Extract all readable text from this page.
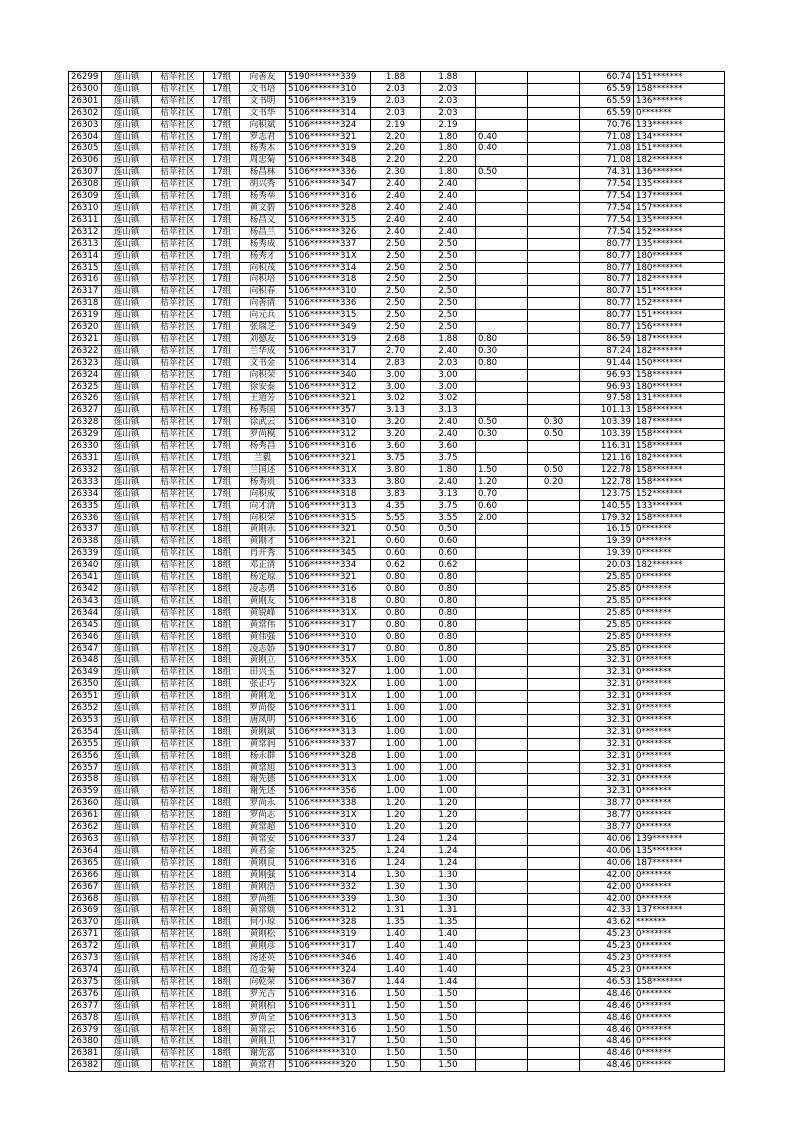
26299	莲山镇	桔苹社区	17组	向善友	5190*******339	1.88	1.88			60.74	151*******
26300	莲山镇	桔苹社区	17组	文书培	5106*******310	2.03	2.03			65.59	158*******
26301	莲山镇	桔苹社区	17组	文书明	5106*******319	2.03	2.03			65.59	136*******
26302	莲山镇	桔苹社区	17组	文书华	5106*******314	2.03	2.03			65.59	0*******
26303	莲山镇	桔苹社区	17组	向积斌	5106*******324	2.19	2.19			70.76	133*******
26304	莲山镇	桔苹社区	17组	罗志君	5106*******321	2.20	1.80	0.40		71.08	134*******
26305	莲山镇	桔苹社区	17组	杨秀木	5106*******319	2.20	1.80	0.40		71.08	151*******
26306	莲山镇	桔苹社区	17组	周忠菊	5106*******348	2.20	2.20			71.08	182*******
26307	莲山镇	桔苹社区	17组	杨昌林	5106*******336	2.30	1.80	0.50		74.31	136*******
26308	莲山镇	桔苹社区	17组	胡兴秀	5106*******347	2.40	2.40			77.54	135*******
26309	莲山镇	桔苹社区	17组	杨秀举	5106*******316	2.40	2.40			77.54	137*******
26310	莲山镇	桔苹社区	17组	黄文碧	5106*******328	2.40	2.40			77.54	157*******
26311	莲山镇	桔苹社区	17组	杨昌义	5106*******315	2.40	2.40			77.54	135*******
26312	莲山镇	桔苹社区	17组	杨昌兰	5106*******326	2.40	2.40			77.54	152*******
26313	莲山镇	桔苹社区	17组	杨秀成	5106*******337	2.50	2.50			80.77	135*******
26314	莲山镇	桔苹社区	17组	杨秀才	5106*******31X	2.50	2.50			80.77	180*******
26315	莲山镇	桔苹社区	17组	向积茂	5106*******314	2.50	2.50			80.77	180*******
26316	莲山镇	桔苹社区	17组	向积培	5106*******318	2.50	2.50			80.77	182*******
26317	莲山镇	桔苹社区	17组	向积春	5106*******310	2.50	2.50			80.77	151*******
26318	莲山镇	桔苹社区	17组	向善清	5106*******336	2.50	2.50			80.77	152*******
26319	莲山镇	桔苹社区	17组	向元兵	5106*******315	2.50	2.50			80.77	151*******
26320	莲山镇	桔苹社区	17组	张瑞芝	5106*******349	2.50	2.50			80.77	156*******
26321	莲山镇	桔苹社区	17组	刘德友	5106*******319	2.68	1.88	0.80		86.59	187*******
26322	莲山镇	桔苹社区	17组	兰华成	5106*******317	2.70	2.40	0.30		87.24	182*******
26323	莲山镇	桔苹社区	17组	文书金	5106*******314	2.83	2.03	0.80		91.44	150*******
26324	莲山镇	桔苹社区	17组	向积荣	5106*******340	3.00	3.00			96.93	158*******
26325	莲山镇	桔苹社区	17组	徐安泰	5106*******312	3.00	3.00			96.93	180*******
26326	莲山镇	桔苹社区	17组	王道芳	5106*******321	3.02	3.02			97.58	131*******
26327	莲山镇	桔苹社区	17组	杨秀国	5106*******357	3.13	3.13			101.13	158*******
26328	莲山镇	桔苹社区	17组	徐武云	5106*******310	3.20	2.40	0.50	0.30	103.39	187*******
26329	莲山镇	桔苹社区	17组	罗尚模	5106*******312	3.20	2.40	0.30	0.50	103.39	158*******
26330	莲山镇	桔苹社区	17组	杨秀昌	5106*******316	3.60	3.60			116.31	158*******
26331	莲山镇	桔苹社区	17组	兰毅	5106*******321	3.75	3.75			121.16	182*******
26332	莲山镇	桔苹社区	17组	兰国述	5106*******31X	3.80	1.80	1.50	0.50	122.78	158*******
26333	莲山镇	桔苹社区	17组	杨秀贵	5106*******333	3.80	2.40	1.20	0.20	122.78	158*******
26334	莲山镇	桔苹社区	17组	向积成	5106*******318	3.83	3.13	0.70		123.75	152*******
26335	莲山镇	桔苹社区	17组	向才清	5106*******313	4.35	3.75	0.60		140.55	133*******
26336	莲山镇	桔苹社区	17组	向积荣	5106*******315	5.55	3.55	2.00		179.32	158*******
26337	莲山镇	桔苹社区	18组	黄刚永	5106*******321	0.50	0.50			16.15	0*******
26338	莲山镇	桔苹社区	18组	黄刚才	5106*******321	0.60	0.60			19.39	0*******
26339	莲山镇	桔苹社区	18组	肖开秀	5106*******345	0.60	0.60			19.39	0*******
26340	莲山镇	桔苹社区	18组	邓正清	5106*******334	0.62	0.62			20.03	182*******
26341	莲山镇	桔苹社区	18组	杨定琼	5106*******321	0.80	0.80			25.85	0*******
26342	莲山镇	桔苹社区	18组	凌志勇	5106*******316	0.80	0.80			25.85	0*******
26343	莲山镇	桔苹社区	18组	黄刚友	5106*******318	0.80	0.80			25.85	0*******
26344	莲山镇	桔苹社区	18组	黄锐峰	5106*******31X	0.80	0.80			25.85	0*******
26345	莲山镇	桔苹社区	18组	黄常伟	5106*******317	0.80	0.80			25.85	0*******
26346	莲山镇	桔苹社区	18组	黄伟强	5106*******310	0.80	0.80			25.85	0*******
26347	莲山镇	桔苹社区	18组	凌志娇	5190*******317	0.80	0.80			25.85	0*******
26348	莲山镇	桔苹社区	18组	黄刚立	5106*******35X	1.00	1.00			32.31	0*******
26349	莲山镇	桔苹社区	18组	田兴玉	5106*******327	1.00	1.00			32.31	0*******
26350	莲山镇	桔苹社区	18组	张正巧	5106*******32X	1.00	1.00			32.31	0*******
26351	莲山镇	桔苹社区	18组	黄刚龙	5106*******31X	1.00	1.00			32.31	0*******
26352	莲山镇	桔苹社区	18组	罗尚俊	5106*******311	1.00	1.00			32.31	0*******
26353	莲山镇	桔苹社区	18组	唐凤明	5106*******316	1.00	1.00			32.31	0*******
26354	莲山镇	桔苹社区	18组	黄刚斌	5106*******313	1.00	1.00			32.31	0*******
26355	莲山镇	桔苹社区	18组	黄常润	5106*******337	1.00	1.00			32.31	0*******
26356	莲山镇	桔苹社区	18组	杨永群	5106*******328	1.00	1.00			32.31	0*******
26357	莲山镇	桔苹社区	18组	黄常旭	5106*******313	1.00	1.00			32.31	0*******
26358	莲山镇	桔苹社区	18组	谢先德	5106*******31X	1.00	1.00			32.31	0*******
26359	莲山镇	桔苹社区	18组	谢先述	5106*******356	1.00	1.00			32.31	0*******
26360	莲山镇	桔苹社区	18组	罗尚永	5106*******338	1.20	1.20			38.77	0*******
26361	莲山镇	桔苹社区	18组	罗尚志	5106*******31X	1.20	1.20			38.77	0*******
26362	莲山镇	桔苹社区	18组	黄常超	5106*******310	1.20	1.20			38.77	0*******
26363	莲山镇	桔苹社区	18组	黄常安	5106*******337	1.24	1.24			40.06	139*******
26364	莲山镇	桔苹社区	18组	黄君金	5106*******325	1.24	1.24			40.06	135*******
26365	莲山镇	桔苹社区	18组	黄刚良	5106*******316	1.24	1.24			40.06	187*******
26366	莲山镇	桔苹社区	18组	黄刚强	5106*******314	1.30	1.30			42.00	0*******
26367	莲山镇	桔苹社区	18组	黄刚浩	5106*******332	1.30	1.30			42.00	0*******
26368	莲山镇	桔苹社区	18组	罗尚维	5106*******339	1.30	1.30			42.00	0*******
26369	莲山镇	桔苹社区	18组	黄常焕	5106*******312	1.31	1.31			42.33	137*******
26370	莲山镇	桔苹社区	18组	何小琼	5106*******328	1.35	1.35			43.62	*******
26371	莲山镇	桔苹社区	18组	黄刚松	5106*******319	1.40	1.40			45.23	0*******
26372	莲山镇	桔苹社区	18组	黄刚彦	5106*******317	1.40	1.40			45.23	0*******
26373	莲山镇	桔苹社区	18组	汤述英	5106*******346	1.40	1.40			45.23	0*******
26374	莲山镇	桔苹社区	18组	范金菊	5106*******324	1.40	1.40			45.23	0*******
26375	莲山镇	桔苹社区	18组	向乾荣	5106*******367	1.44	1.44			46.53	158*******
26376	莲山镇	桔苹社区	18组	罗光吉	5106*******316	1.50	1.50			48.46	0*******
26377	莲山镇	桔苹社区	18组	黄刚柏	5106*******311	1.50	1.50			48.46	0*******
26378	莲山镇	桔苹社区	18组	罗尚全	5106*******313	1.50	1.50			48.46	0*******
26379	莲山镇	桔苹社区	18组	黄常云	5106*******316	1.50	1.50			48.46	0*******
26380	莲山镇	桔苹社区	18组	黄刚卫	5106*******317	1.50	1.50			48.46	0*******
26381	莲山镇	桔苹社区	18组	谢先富	5106*******310	1.50	1.50			48.46	0*******
26382	莲山镇	桔苹社区	18组	黄常君	5106*******320	1.50	1.50			48.46	0*******
